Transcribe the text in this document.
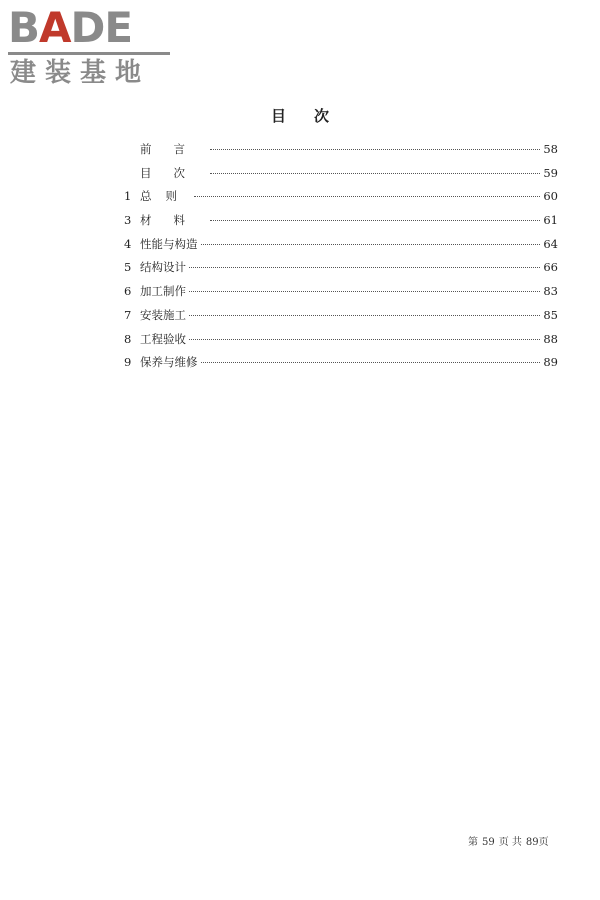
BADE
建装基地
目次
前言	58
目次	59
1 总则	60
3 材料	61
4 性能与构造	64
5 结构设计	66
6 加工制作	83
7 安装施工	85
8 工程验收	88
9 保养与维修	89
第 59 页 共 89页
